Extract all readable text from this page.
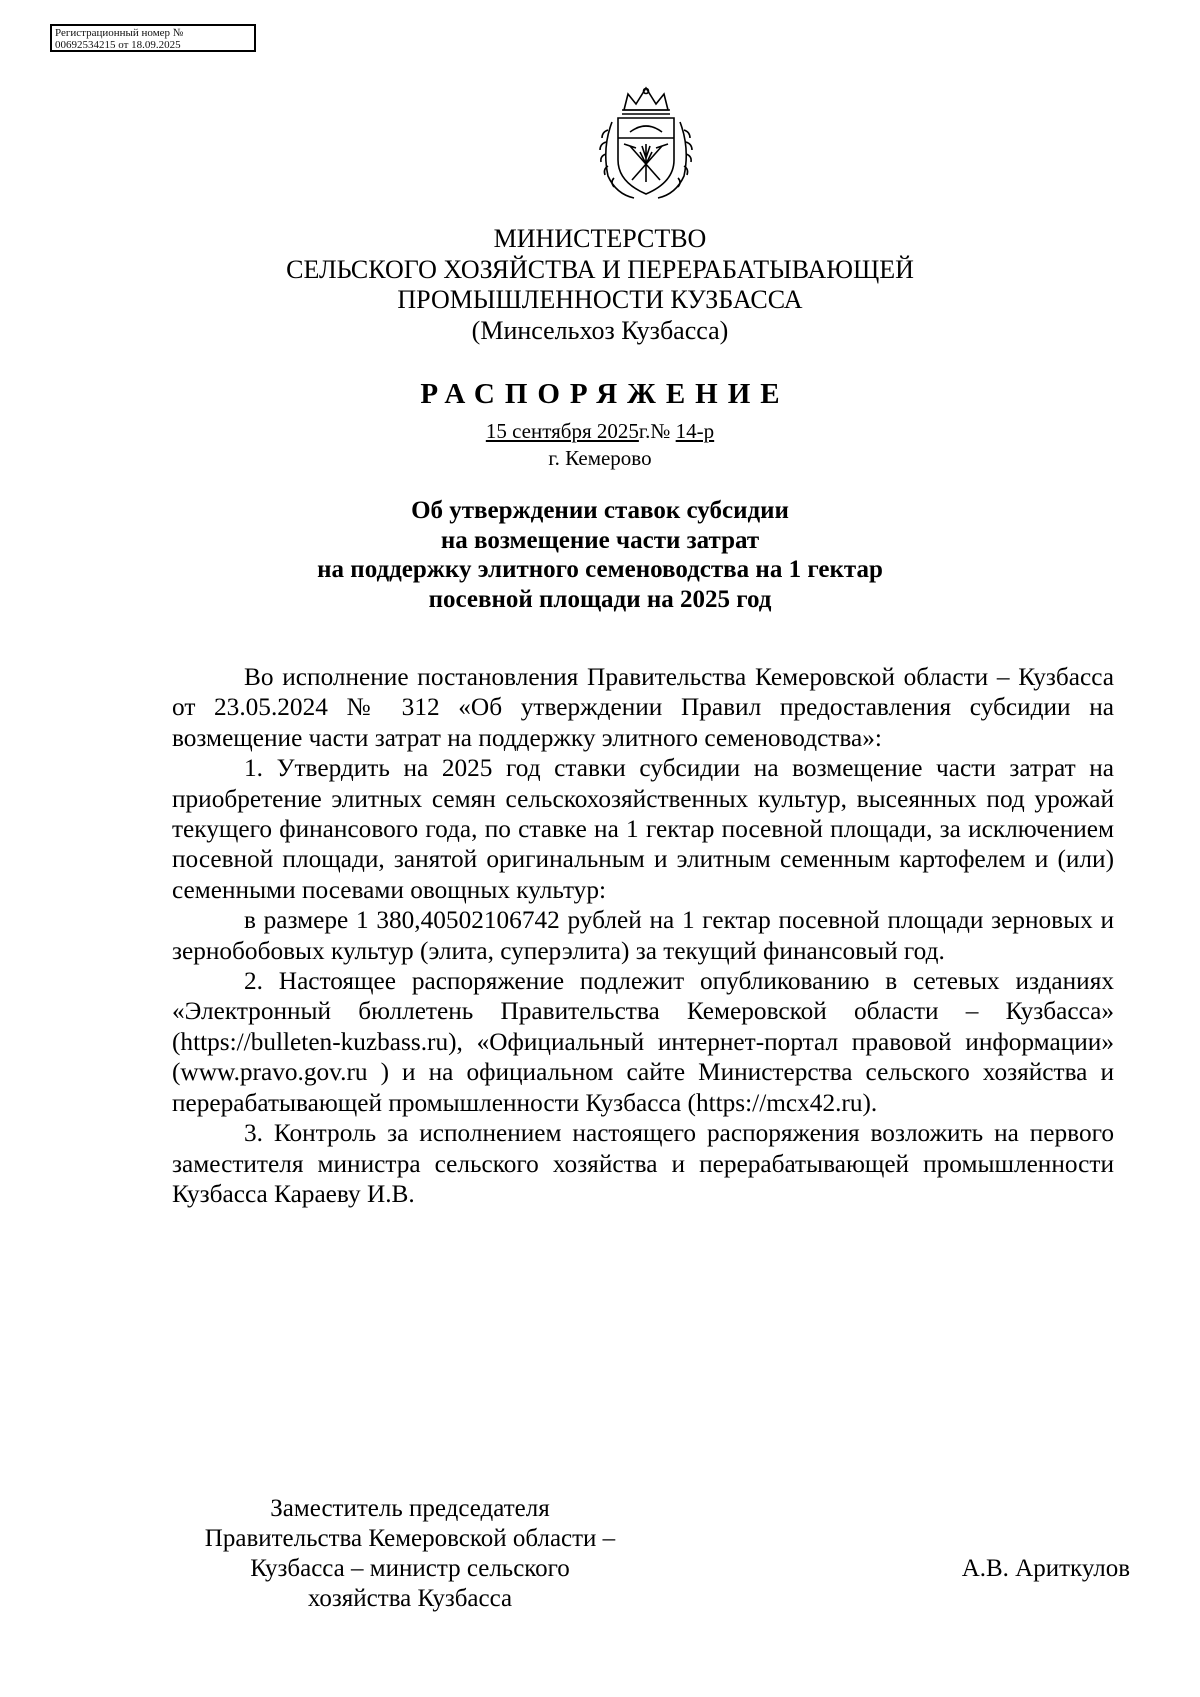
Регистрационный номер №
00692534215 от 18.09.2025
МИНИСТЕРСТВО
СЕЛЬСКОГО ХОЗЯЙСТВА И ПЕРЕРАБАТЫВАЮЩЕЙ
ПРОМЫШЛЕННОСТИ КУЗБАССА
(Минсельхоз Кузбасса)
РАСПОРЯЖЕНИЕ
15 сентября 2025г.№ 14-р
г. Кемерово
Об утверждении ставок субсидии
на возмещение части затрат
на поддержку элитного семеноводства на 1 гектар
посевной площади на 2025 год

Во исполнение постановления Правительства Кемеровской области – Кузбасса от 23.05.2024 № 312 «Об утверждении Правил предоставления субсидии на возмещение части затрат на поддержку элитного семеноводства»:

1. Утвердить на 2025 год ставки субсидии на возмещение части затрат на приобретение элитных семян сельскохозяйственных культур, высеянных под урожай текущего финансового года, по ставке на 1 гектар посевной площади, за исключением посевной площади, занятой оригинальным и элитным семенным картофелем и (или) семенными посевами овощных культур:

в размере 1 380,40502106742 рублей на 1 гектар посевной площади зерновых и зернобобовых культур (элита, суперэлита) за текущий финансовый год.

2. Настоящее распоряжение подлежит опубликованию в сетевых изданиях «Электронный бюллетень Правительства Кемеровской области – Кузбасса» (https://bulleten-kuzbass.ru), «Официальный интернет-портал правовой информации» (www.pravo.gov.ru ) и на официальном сайте Министерства сельского хозяйства и перерабатывающей промышленности Кузбасса (https://mcx42.ru).

3. Контроль за исполнением настоящего распоряжения возложить на первого заместителя министра сельского хозяйства и перерабатывающей промышленности Кузбасса Караеву И.В.

Заместитель председателя
Правительства Кемеровской области –
Кузбасса – министр сельского
хозяйства Кузбасса
А.В. Ариткулов
